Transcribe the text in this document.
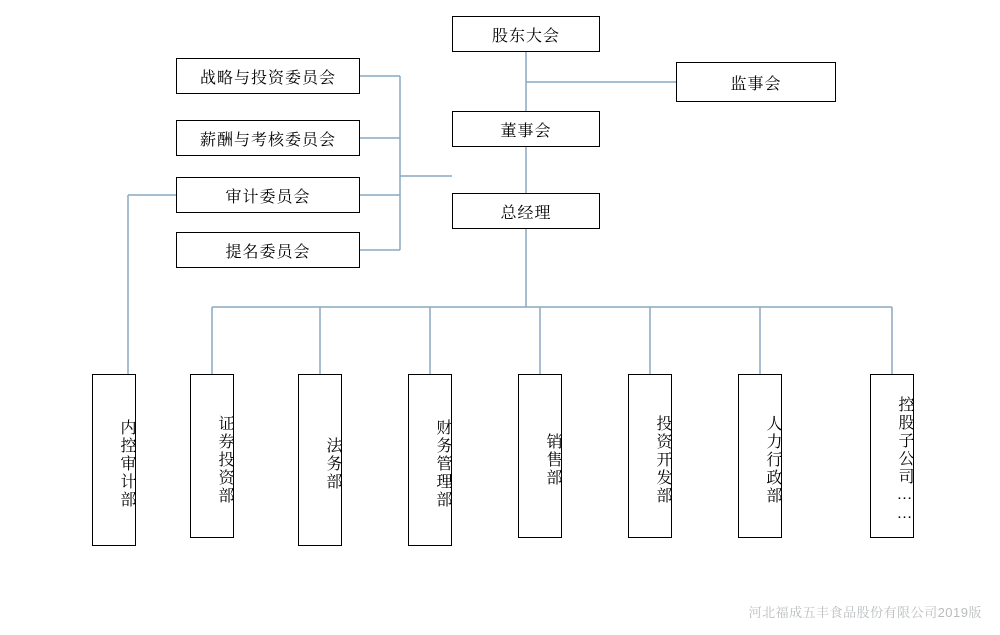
股东大会
监事会
董事会
总经理
战略与投资委员会
薪酬与考核委员会
审计委员会
提名委员会
内控审计部	证券投资部	法务部	财务管理部	销售部	投资开发部	人力行政部	控股子公司……
河北福成五丰食品股份有限公司2019版
